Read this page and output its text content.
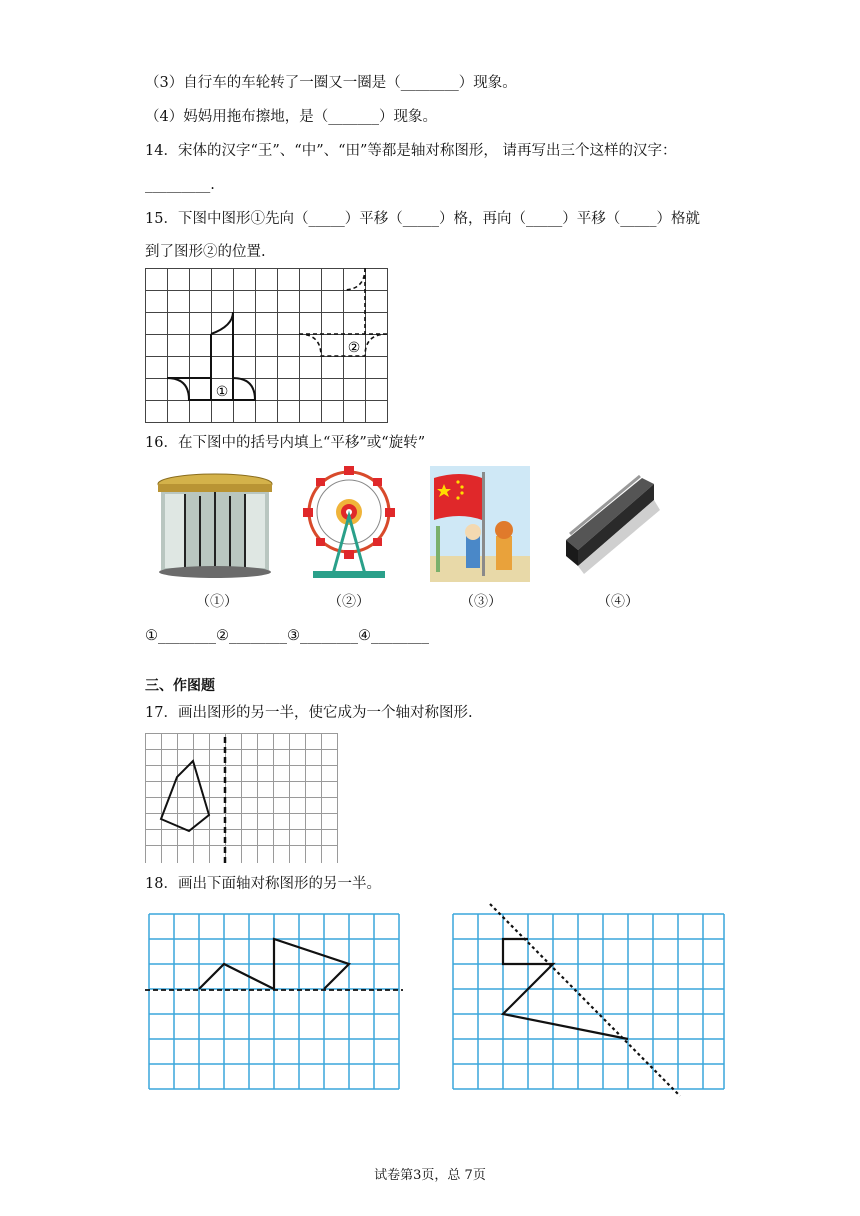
（3）自行车的车轮转了一圈又一圈是（________）现象。
（4）妈妈用拖布擦地，是（_______）现象。
14．宋体的汉字“王”、“中”、“田”等都是轴对称图形， 请再写出三个这样的汉字：
_________.
15．下图中图形①先向（_____）平移（_____）格，再向（_____）平移（_____）格就
到了图形②的位置.
①
②
16．在下图中的括号内填上“平移”或“旋转”
（①）	（②）	（③）	（④）
①________②________③________④________
三、作图题
17．画出图形的另一半，使它成为一个轴对称图形.
18．画出下面轴对称图形的另一半。
试卷第3页，总 7页
